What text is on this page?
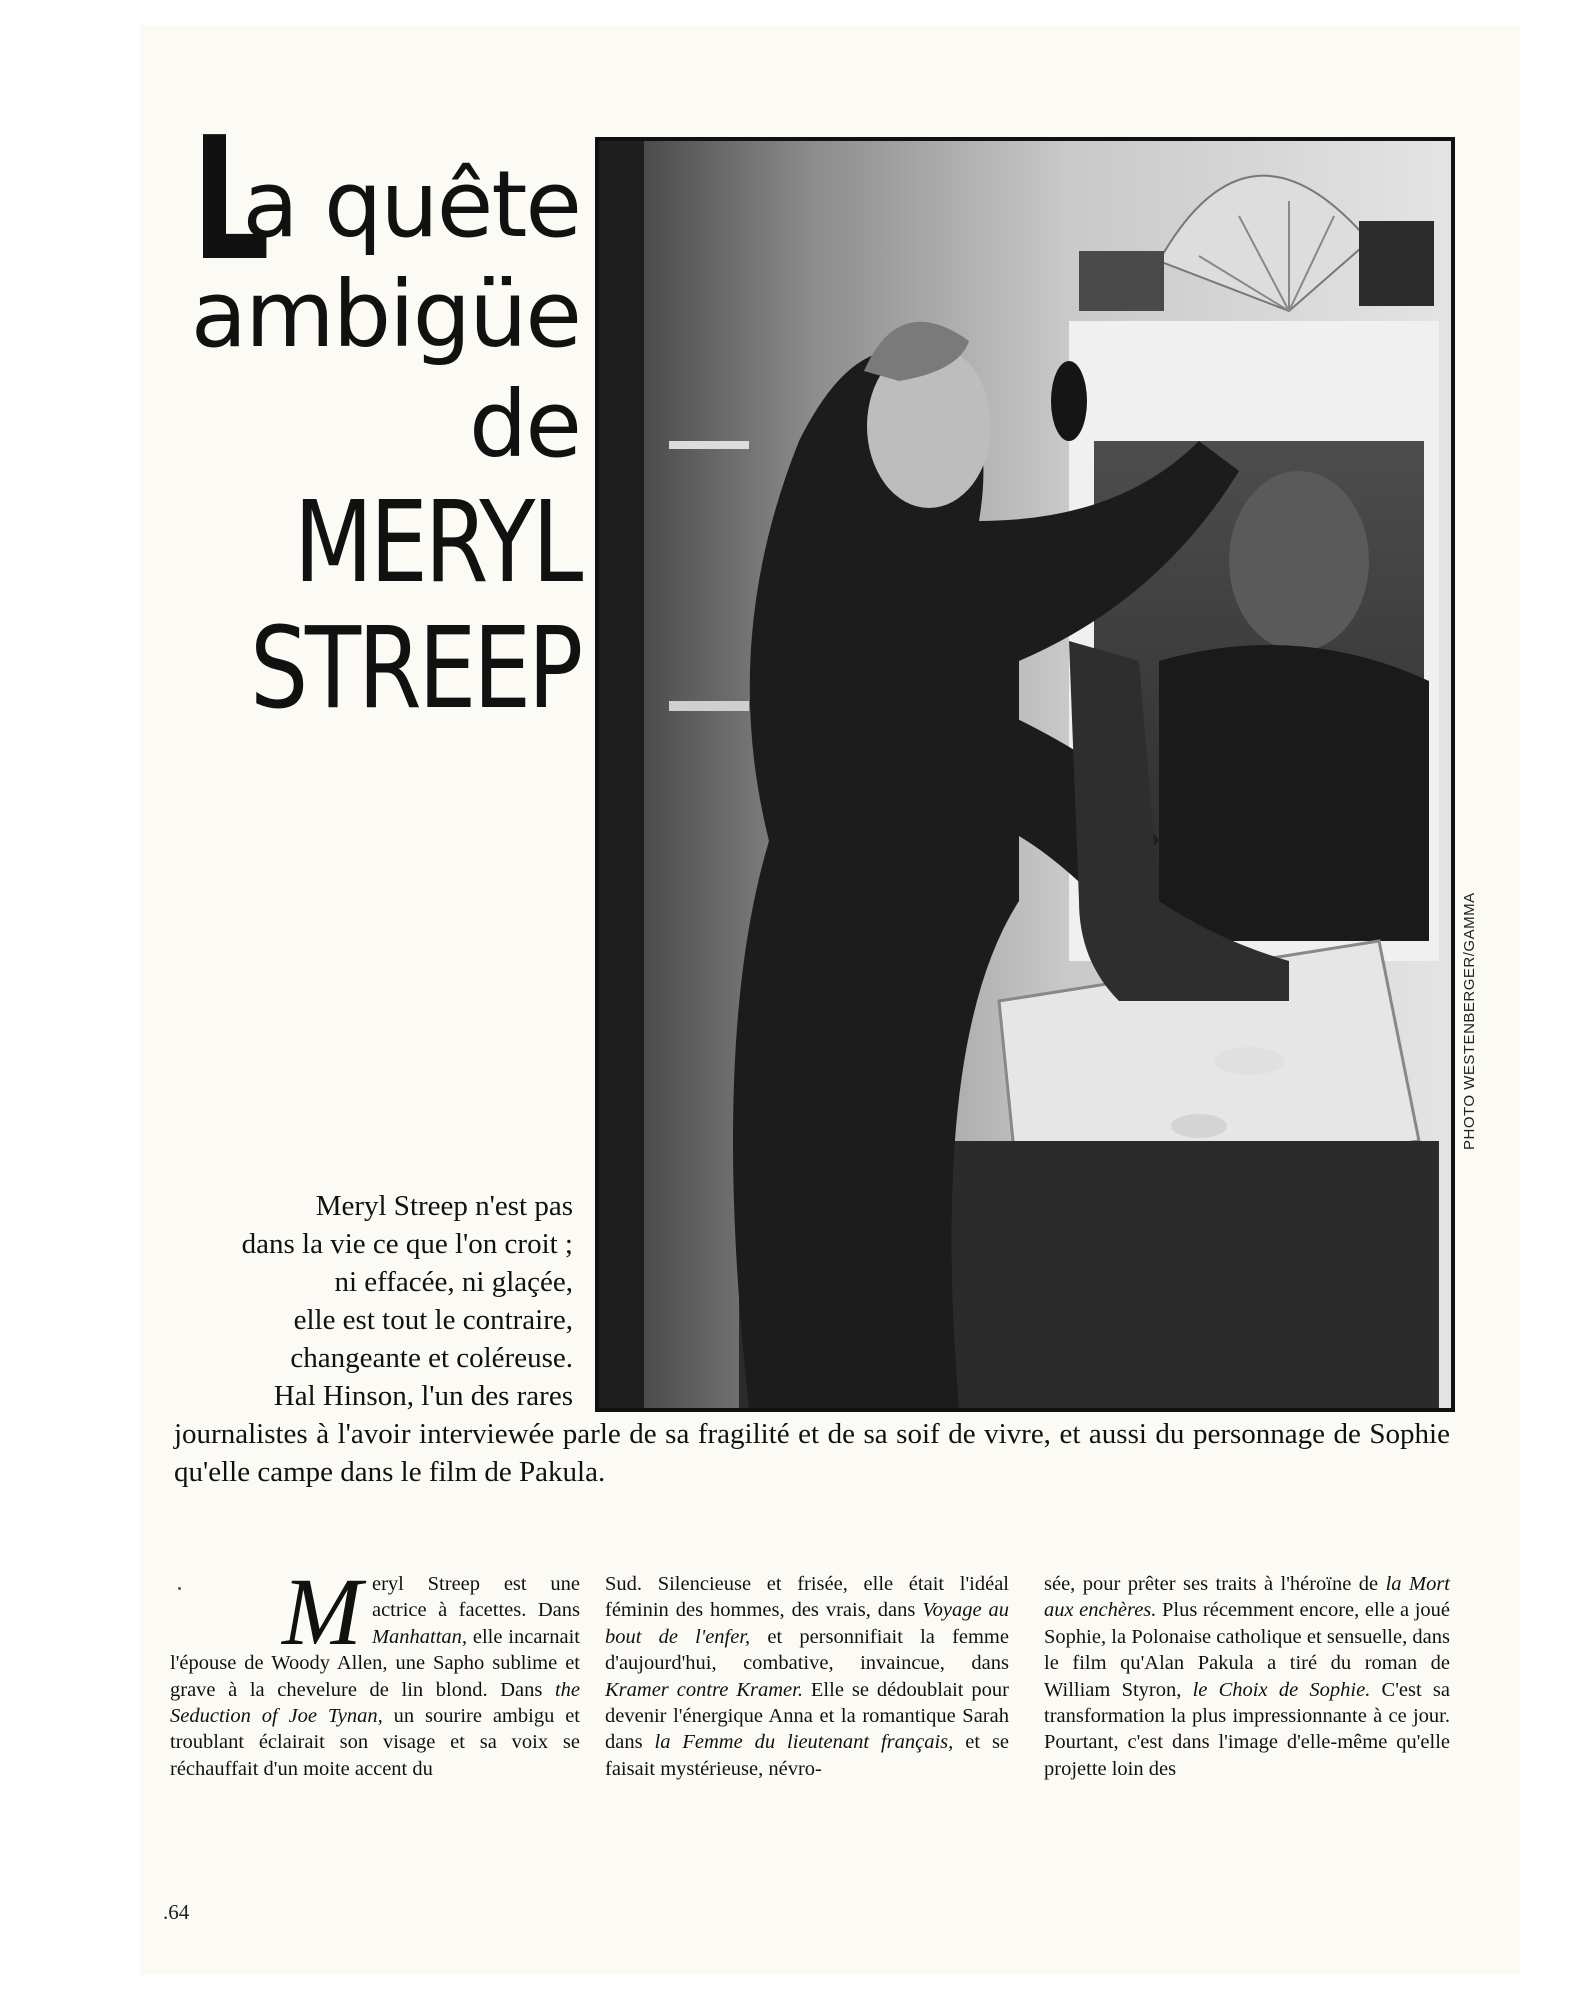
La quête
ambigüe
de
MERYL
STREEP
PHOTO WESTENBERGER/GAMMA
Meryl Streep n'est pas
dans la vie ce que l'on croit ;
ni effacée, ni glaçée,
elle est tout le contraire,
changeante et coléreuse.
Hal Hinson, l'un des rares
journalistes à l'avoir interviewée parle de sa fragilité et de sa soif de vivre, et aussi du personnage de Sophie qu'elle campe dans le film de Pakula.
Meryl Streep est une actrice à facettes. Dans Manhattan, elle incarnait l'épouse de Woody Allen, une Sapho sublime et grave à la chevelure de lin blond. Dans the Seduction of Joe Tynan, un sourire ambigu et troublant éclairait son visage et sa voix se réchauffait d'un moite accent du
Sud. Silencieuse et frisée, elle était l'idéal féminin des hommes, des vrais, dans Voyage au bout de l'enfer, et personnifiait la femme d'aujourd'hui, combative, invaincue, dans Kramer contre Kramer. Elle se dédoublait pour devenir l'énergique Anna et la romantique Sarah dans la Femme du lieutenant français, et se faisait mystérieuse, névro-
sée, pour prêter ses traits à l'héroïne de la Mort aux enchères. Plus récemment encore, elle a joué Sophie, la Polonaise catholique et sensuelle, dans le film qu'Alan Pakula a tiré du roman de William Styron, le Choix de Sophie. C'est sa transformation la plus impressionnante à ce jour. Pourtant, c'est dans l'image d'elle-même qu'elle projette loin des
.64
